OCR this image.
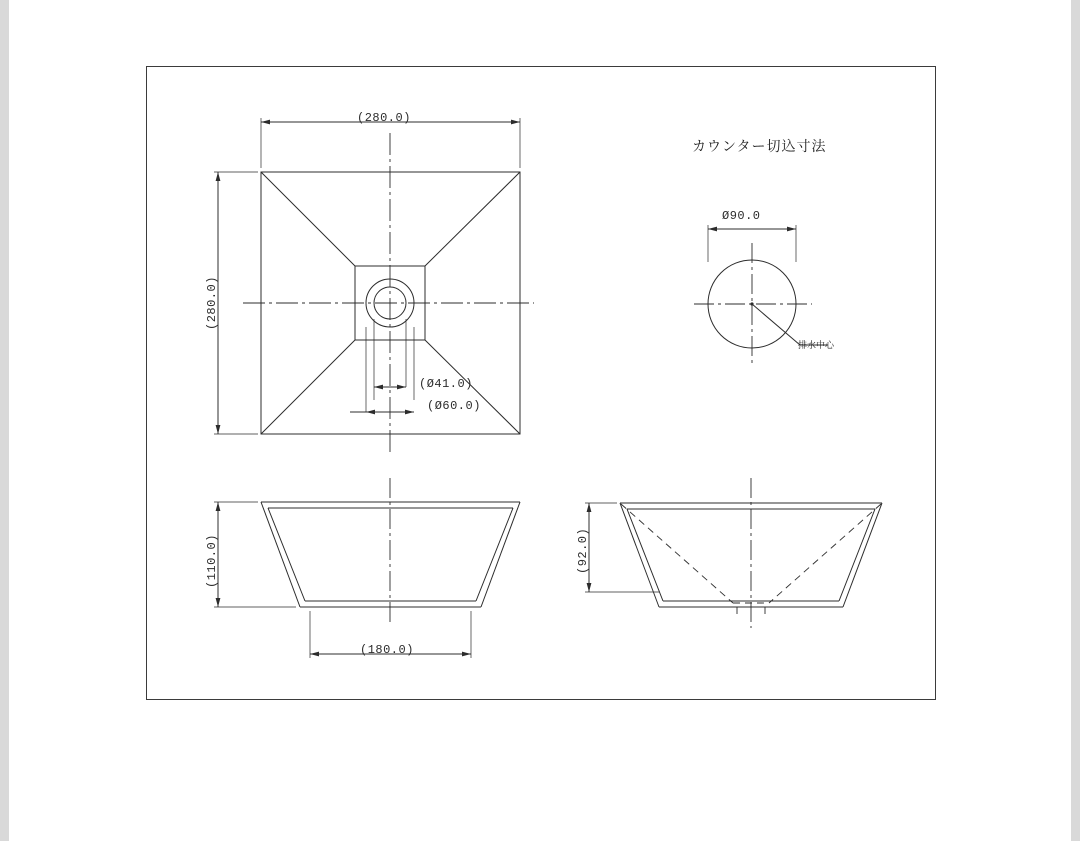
(280.0)
(280.0)
(Ø41.0)
(Ø60.0)
カウンター切込寸法
Ø90.0
排水中心
(110.0)
(180.0)
(92.0)
